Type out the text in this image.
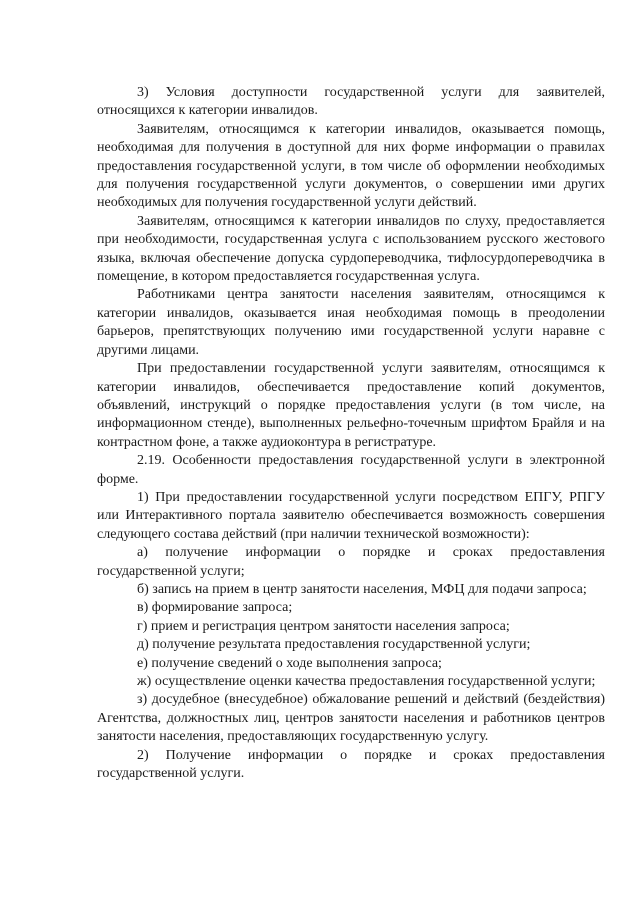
3) Условия доступности государственной услуги для заявителей, относящихся к категории инвалидов.

Заявителям, относящимся к категории инвалидов, оказывается помощь, необходимая для получения в доступной для них форме информации о правилах предоставления государственной услуги, в том числе об оформлении необходимых для получения государственной услуги документов, о совершении ими других необходимых для получения государственной услуги действий.

Заявителям, относящимся к категории инвалидов по слуху, предоставляется при необходимости, государственная услуга с использованием русского жестового языка, включая обеспечение допуска сурдопереводчика, тифлосурдопереводчика в помещение, в котором предоставляется государственная услуга.

Работниками центра занятости населения заявителям, относящимся к категории инвалидов, оказывается иная необходимая помощь в преодолении барьеров, препятствующих получению ими государственной услуги наравне с другими лицами.

При предоставлении государственной услуги заявителям, относящимся к категории инвалидов, обеспечивается предоставление копий документов, объявлений, инструкций о порядке предоставления услуги (в том числе, на информационном стенде), выполненных рельефно-точечным шрифтом Брайля и на контрастном фоне, а также аудиоконтура в регистратуре.

2.19. Особенности предоставления государственной услуги в электронной форме.

1) При предоставлении государственной услуги посредством ЕПГУ, РПГУ или Интерактивного портала заявителю обеспечивается возможность совершения следующего состава действий (при наличии технической возможности):

а) получение информации о порядке и сроках предоставления государственной услуги;

б) запись на прием в центр занятости населения, МФЦ для подачи запроса;

в) формирование запроса;

г) прием и регистрация центром занятости населения запроса;

д) получение результата предоставления государственной услуги;

е) получение сведений о ходе выполнения запроса;

ж) осуществление оценки качества предоставления государственной услуги;

з) досудебное (внесудебное) обжалование решений и действий (бездействия) Агентства, должностных лиц, центров занятости населения и работников центров занятости населения, предоставляющих государственную услугу.

2) Получение информации о порядке и сроках предоставления государственной услуги.
